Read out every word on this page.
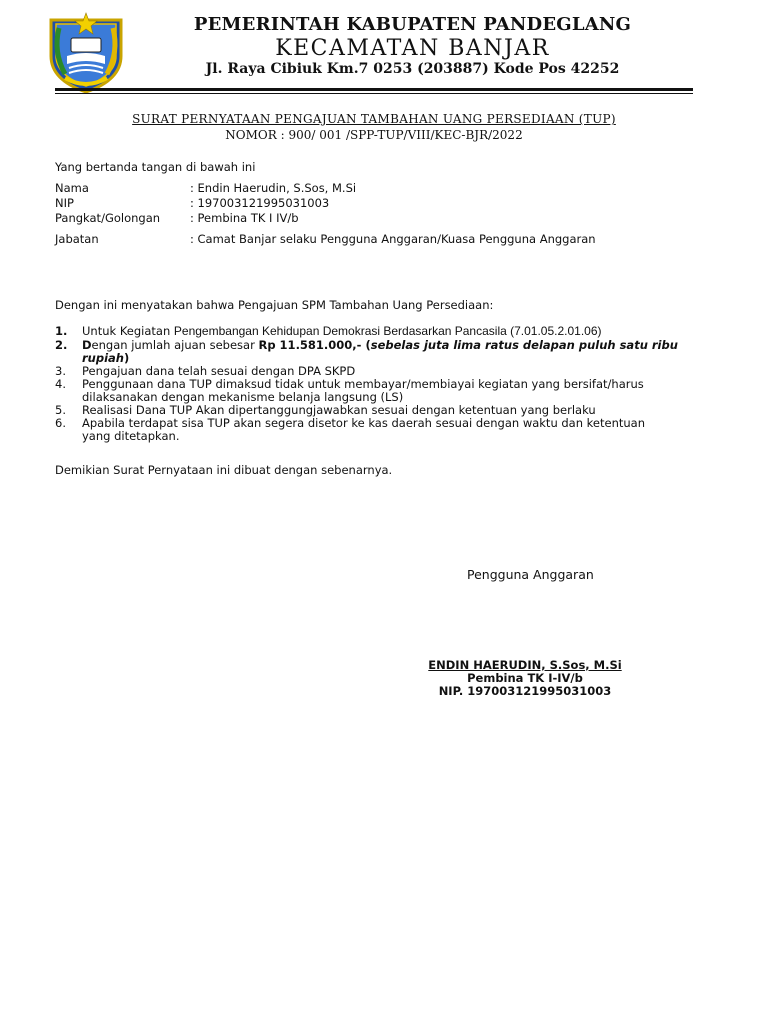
PEMERINTAH KABUPATEN PANDEGLANG
KECAMATAN BANJAR
Jl. Raya Cibiuk Km.7 0253 (203887) Kode Pos 42252
SURAT PERNYATAAN PENGAJUAN TAMBAHAN UANG PERSEDIAAN (TUP)
NOMOR : 900/ 001 /SPP-TUP/VIII/KEC-BJR/2022
Yang bertanda tangan di bawah ini
Nama	: Endin Haerudin, S.Sos, M.Si
NIP	: 197003121995031003
Pangkat/Golongan	: Pembina TK I IV/b
Jabatan	: Camat Banjar selaku Pengguna Anggaran/Kuasa Pengguna Anggaran
Dengan ini menyatakan bahwa Pengajuan SPM Tambahan Uang Persediaan:
1.	Untuk Kegiatan Pengembangan Kehidupan Demokrasi Berdasarkan Pancasila (7.01.05.2.01.06)
2.	Dengan jumlah ajuan sebesar Rp 11.581.000,- (sebelas juta lima ratus delapan puluh satu ribu
rupiah)
3.	Pengajuan dana telah sesuai dengan DPA SKPD
4.	Penggunaan dana TUP dimaksud tidak untuk membayar/membiayai kegiatan yang bersifat/harus
dilaksanakan dengan mekanisme belanja langsung (LS)
5.	Realisasi Dana TUP Akan dipertanggungjawabkan sesuai dengan ketentuan yang berlaku
6.	Apabila terdapat sisa TUP akan segera disetor ke kas daerah sesuai dengan waktu dan ketentuan
yang ditetapkan.
Demikian Surat Pernyataan ini dibuat dengan sebenarnya.
Pengguna Anggaran
ENDIN HAERUDIN, S.Sos, M.Si
Pembina TK I-IV/b
NIP. 197003121995031003
